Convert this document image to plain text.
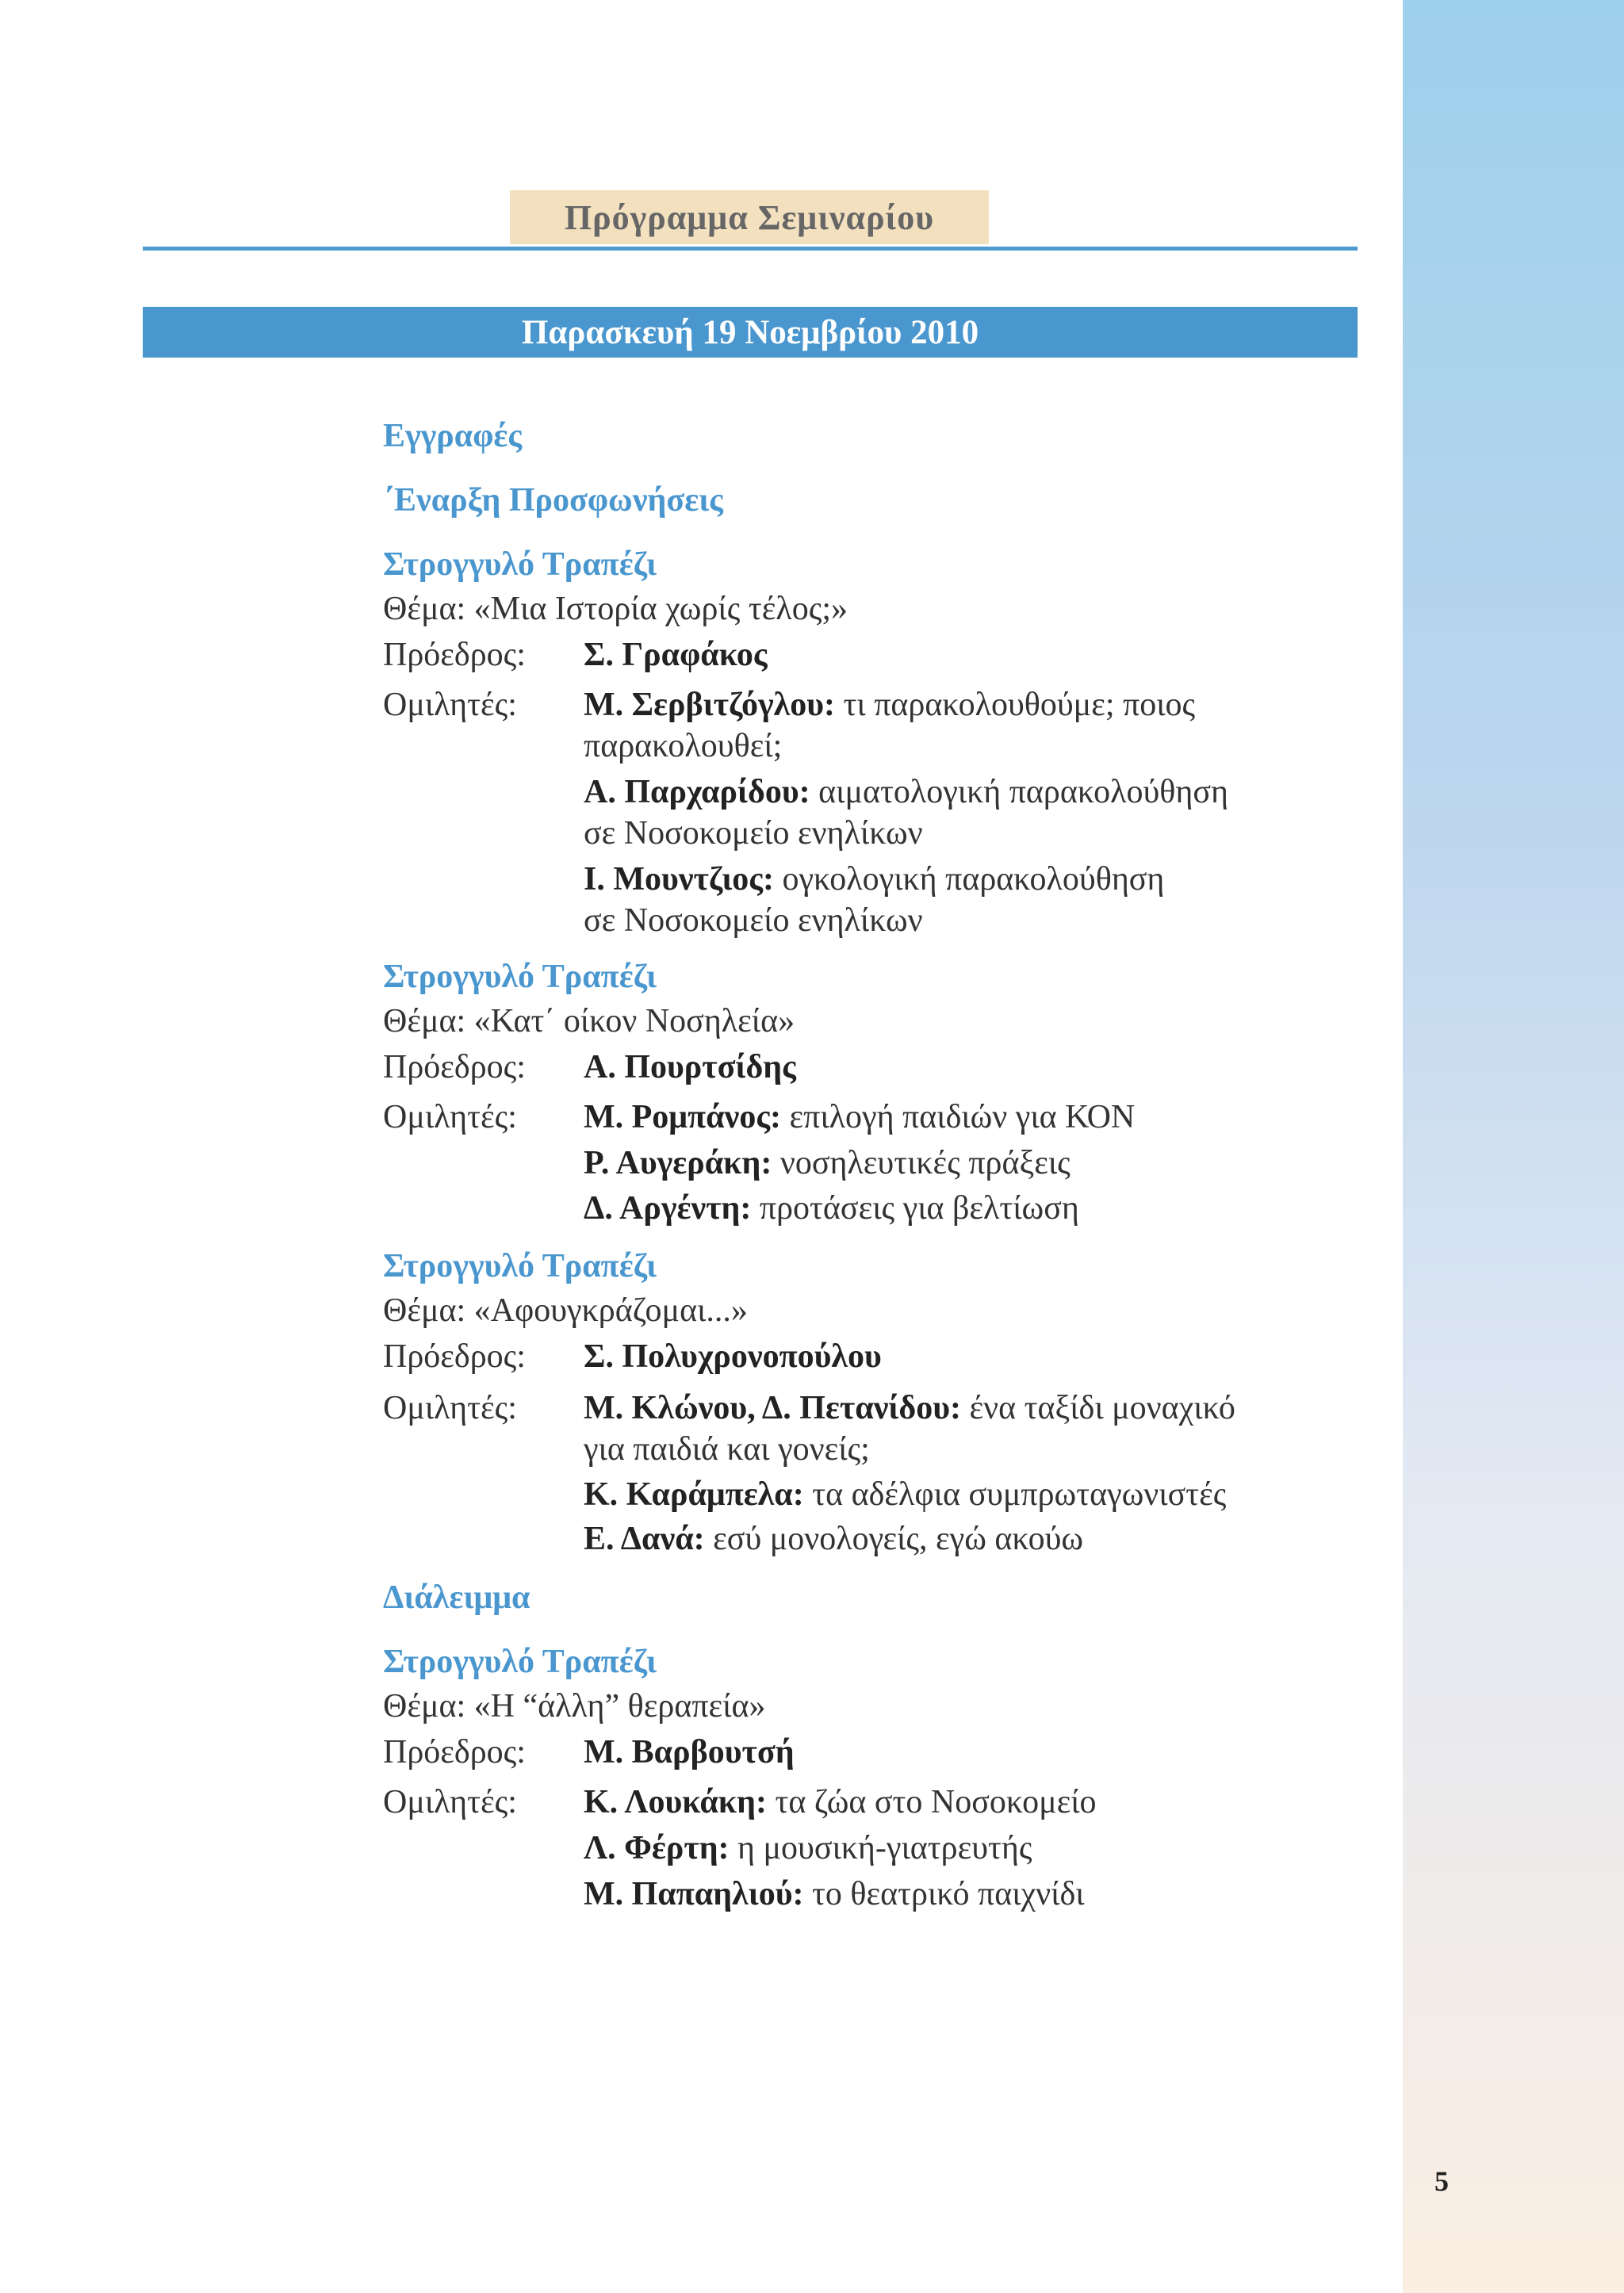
Πρόγραμμα Σεμιναρίου
Παρασκευή 19 Νοεμβρίου 2010
Εγγραφές
΄Εναρξη Προσφωνήσεις
Στρογγυλό Τραπέζι
Θέμα: «Μια Ιστορία χωρίς τέλος;»
Πρόεδρος: Σ. Γραφάκος
Ομιλητές: Μ. Σερβιτζόγλου: τι παρακολουθούμε; ποιος
παρακολουθεί;
Α. Παρχαρίδου: αιματολογική παρακολούθηση
σε Νοσοκομείο ενηλίκων
Ι. Μουντζιος: ογκολογική παρακολούθηση
σε Νοσοκομείο ενηλίκων
Στρογγυλό Τραπέζι
Θέμα: «Κατ΄ οίκον Νοσηλεία»
Πρόεδρος: Α. Πουρτσίδης
Ομιλητές: Μ. Ρομπάνος: επιλογή παιδιών για ΚΟΝ
Ρ. Αυγεράκη: νοσηλευτικές πράξεις
Δ. Αργέντη: προτάσεις για βελτίωση
Στρογγυλό Τραπέζι
Θέμα: «Αφουγκράζομαι...»
Πρόεδρος: Σ. Πολυχρονοπούλου
Ομιλητές: Μ. Κλώνου, Δ. Πετανίδου: ένα ταξίδι μοναχικό
για παιδιά και γονείς;
Κ. Καράμπελα: τα αδέλφια συμπρωταγωνιστές
Ε. Δανά: εσύ μονολογείς, εγώ ακούω
Διάλειμμα
Στρογγυλό Τραπέζι
Θέμα: «Η “άλλη” θεραπεία»
Πρόεδρος: Μ. Βαρβουτσή
Ομιλητές: Κ. Λουκάκη: τα ζώα στο Νοσοκομείο
Λ. Φέρτη: η μουσική-γιατρευτής
Μ. Παπαηλιού: το θεατρικό παιχνίδι
5
